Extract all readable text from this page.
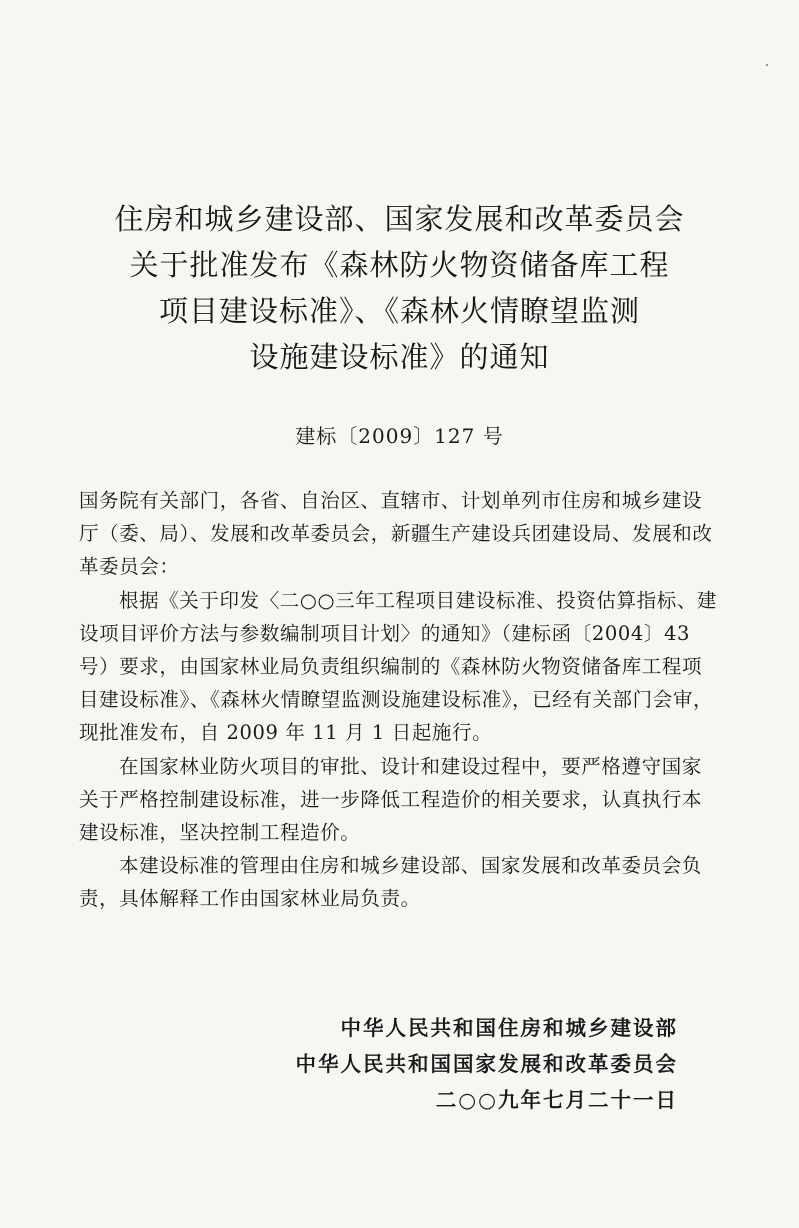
住房和城乡建设部、国家发展和改革委员会
关于批准发布《森林防火物资储备库工程
项目建设标准》、《森林火情瞭望监测
设施建设标准》的通知
建标〔2009〕127 号

国务院有关部门，各省、自治区、直辖市、计划单列市住房和城乡建设厅（委、局）、发展和改革委员会，新疆生产建设兵团建设局、发展和改革委员会：

根据《关于印发〈二○○三年工程项目建设标准、投资估算指标、建设项目评价方法与参数编制项目计划〉的通知》（建标函〔2004〕43 号）要求，由国家林业局负责组织编制的《森林防火物资储备库工程项目建设标准》、《森林火情瞭望监测设施建设标准》，已经有关部门会审，现批准发布，自 2009 年 11 月 1 日起施行。

在国家林业防火项目的审批、设计和建设过程中，要严格遵守国家关于严格控制建设标准，进一步降低工程造价的相关要求，认真执行本建设标准，坚决控制工程造价。

本建设标准的管理由住房和城乡建设部、国家发展和改革委员会负责，具体解释工作由国家林业局负责。

中华人民共和国住房和城乡建设部
中华人民共和国国家发展和改革委员会
二○○九年七月二十一日
